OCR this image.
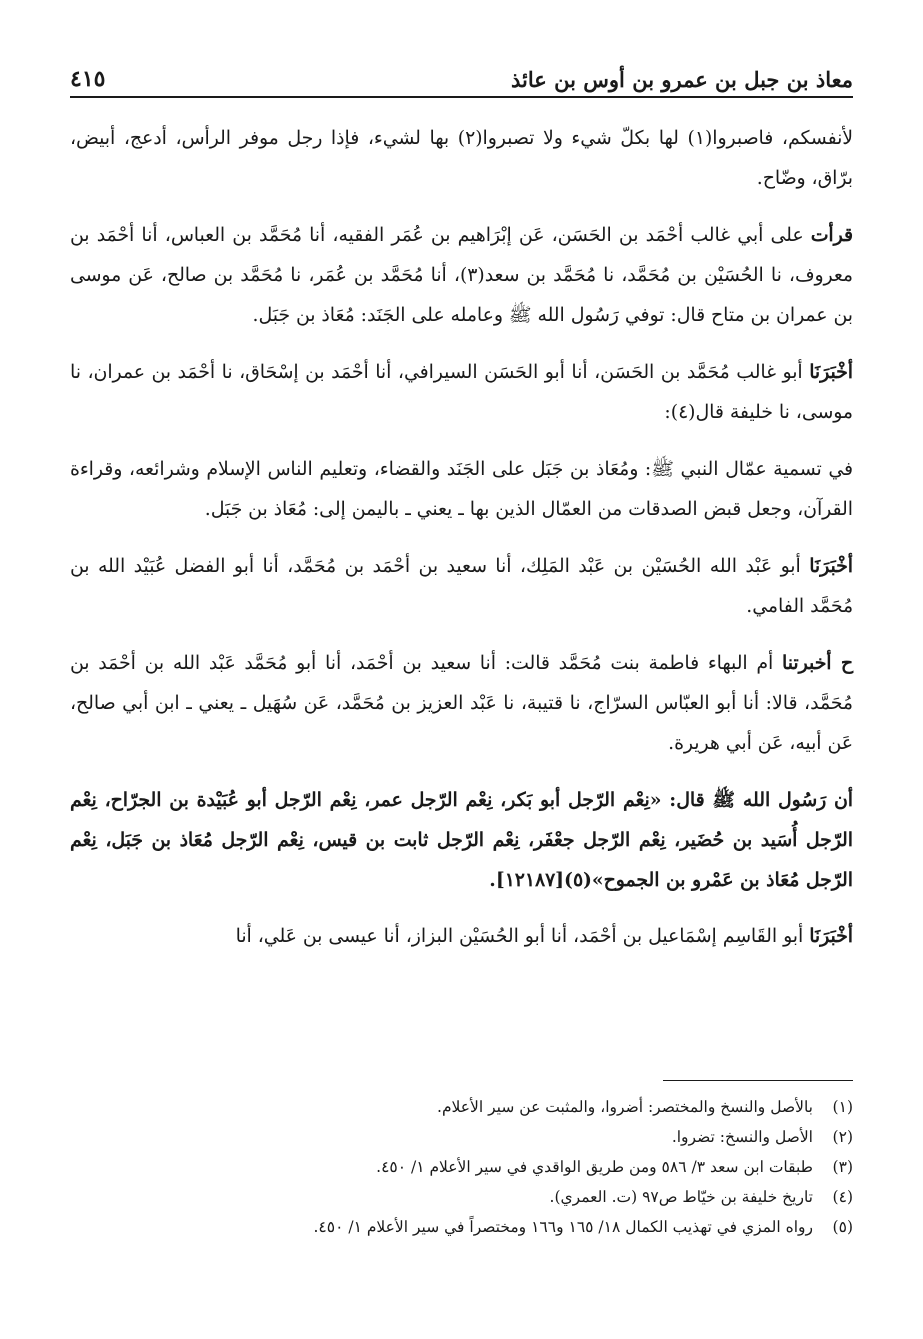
معاذ بن جبل بن عمرو بن أوس بن عائذ
٤١٥

لأنفسكم، فاصبروا(١) لها بكلّ شيء ولا تصبروا(٢) بها لشيء، فإذا رجل موفر الرأس، أدعج، أبيض، برّاق، وضّاح.

قرأت على أبي غالب أحْمَد بن الحَسَن، عَن إبْرَاهيم بن عُمَر الفقيه، أنا مُحَمَّد بن العباس، أنا أحْمَد بن معروف، نا الحُسَيْن بن مُحَمَّد، نا مُحَمَّد بن سعد(٣)، أنا مُحَمَّد بن عُمَر، نا مُحَمَّد بن صالح، عَن موسى بن عمران بن متاح قال: توفي رَسُول الله ﷺ وعامله على الجَنَد: مُعَاذ بن جَبَل.

أخْبَرَنَا أبو غالب مُحَمَّد بن الحَسَن، أنا أبو الحَسَن السيرافي، أنا أحْمَد بن إسْحَاق، نا أحْمَد بن عمران، نا موسى، نا خليفة قال(٤):

في تسمية عمّال النبي ﷺ: ومُعَاذ بن جَبَل على الجَنَد والقضاء، وتعليم الناس الإسلام وشرائعه، وقراءة القرآن، وجعل قبض الصدقات من العمّال الذين بها ـ يعني ـ باليمن إلى: مُعَاذ بن جَبَل.

أخْبَرَنَا أبو عَبْد الله الحُسَيْن بن عَبْد المَلِك، أنا سعيد بن أحْمَد بن مُحَمَّد، أنا أبو الفضل عُبَيْد الله بن مُحَمَّد الفامي.

ح أخبرتنا أم البهاء فاطمة بنت مُحَمَّد قالت: أنا سعيد بن أحْمَد، أنا أبو مُحَمَّد عَبْد الله بن أحْمَد بن مُحَمَّد، قالا: أنا أبو العبّاس السرّاج، نا قتيبة، نا عَبْد العزيز بن مُحَمَّد، عَن سُهَيل ـ يعني ـ ابن أبي صالح، عَن أبيه، عَن أبي هريرة.

أن رَسُول الله ﷺ قال: «نِعْم الرّجل أبو بَكر، نِعْم الرّجل عمر، نِعْم الرّجل أبو عُبَيْدة بن الجرّاح، نِعْم الرّجل أُسَيد بن حُضَير، نِعْم الرّجل جعْفَر، نِعْم الرّجل ثابت بن قيس، نِعْم الرّجل مُعَاذ بن جَبَل، نِعْم الرّجل مُعَاذ بن عَمْرو بن الجموح»(٥)[١٢١٨٧].

أخْبَرَنَا أبو القَاسِم إسْمَاعيل بن أحْمَد، أنا أبو الحُسَيْن البزاز، أنا عيسى بن عَلي، أنا

(١)
بالأصل والنسخ والمختصر: أضروا، والمثبت عن سير الأعلام.
(٢)
الأصل والنسخ: تضروا.
(٣)
طبقات ابن سعد ٣/ ٥٨٦ ومن طريق الواقدي في سير الأعلام ١/ ٤٥٠.
(٤)
تاريخ خليفة بن خيّاط ص٩٧ (ت. العمري).
(٥)
رواه المزي في تهذيب الكمال ١٨/ ١٦٥ و١٦٦ ومختصراً في سير الأعلام ١/ ٤٥٠.
